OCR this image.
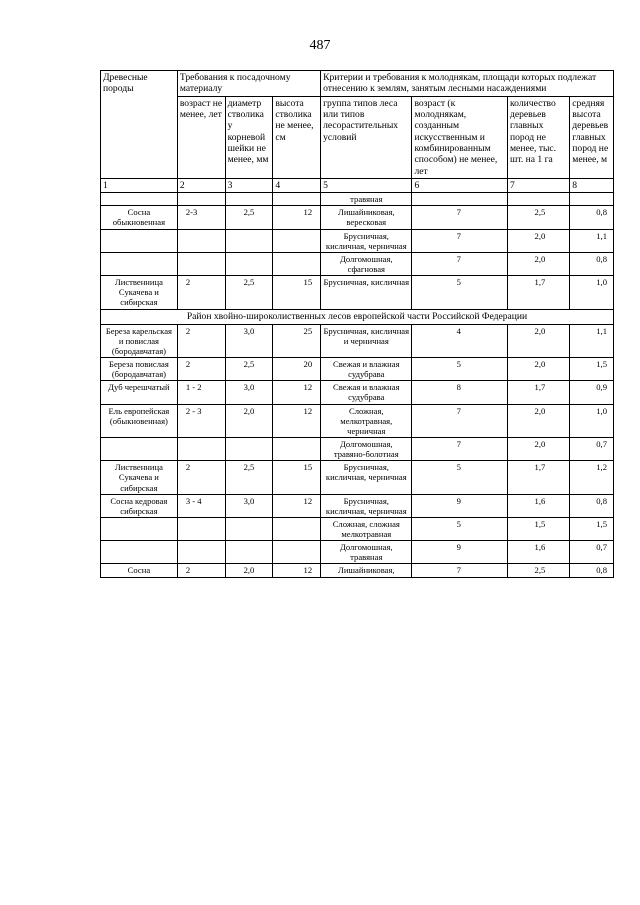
487
Древесные породы	Требования к посадочному материалу			Критерии и требования к молоднякам, площади которых подлежат отнесению к землям, занятым лесными насаждениями			
	возраст не менее, лет	диаметр стволика у корневой шейки не менее, мм	высота стволика не менее, см	группа типов леса или типов лесорастительных условий	возраст (к молоднякам, созданным искусственным и комбинированным способом) не менее, лет	количество деревьев главных пород не менее, тыс. шт. на 1 га	средняя высота деревьев главных пород не менее, м
1	2	3	4	5	6	7	8
				травяная			
Сосна обыкновенная	2-3	2,5	12	Лишайниковая, вересковая	7	2,5	0,8
				Брусничная, кисличная, черничная	7	2,0	1,1
				Долгомошная, сфагновая	7	2,0	0,8
Лиственница Сукачева и сибирская	2	2,5	15	Брусничная, кисличная	5	1,7	1,0
Район хвойно-широколиственных лесов европейской части Российской Федерации							
Береза карельская и повислая (бородавчатая)	2	3,0	25	Брусничная, кисличная и черничная	4	2,0	1,1
Береза повислая (бородавчатая)	2	2,5	20	Свежая и влажная судубрава	5	2,0	1,5
Дуб черешчатый	1 - 2	3,0	12	Свежая и влажная судубрава	8	1,7	0,9
Ель европейская (обыкновенная)	2 - 3	2,0	12	Сложная, мелкотравная, черничная	7	2,0	1,0
				Долгомошная, травяно-болотная	7	2,0	0,7
Лиственница Сукачева и сибирская	2	2,5	15	Брусничная, кисличная, черничная	5	1,7	1,2
Сосна кедровая сибирская	3 - 4	3,0	12	Брусничная, кисличная, черничная	9	1,6	0,8
				Сложная, сложная мелкотравная	5	1,5	1,5
				Долгомошная, травяная	9	1,6	0,7
Сосна	2	2,0	12	Лишайниковая,	7	2,5	0,8
